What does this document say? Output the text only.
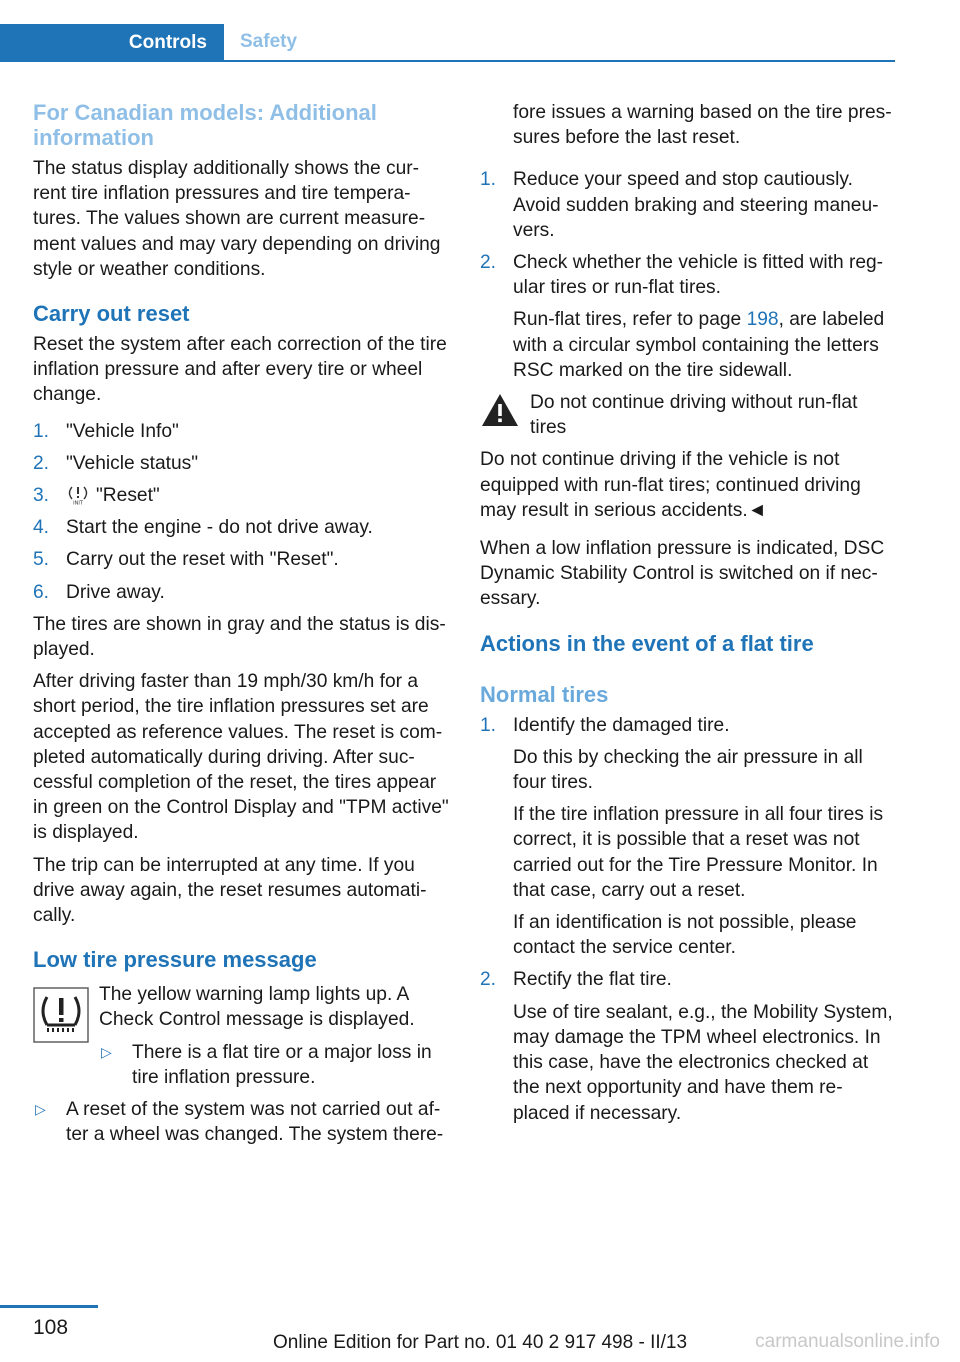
Controls	Safety
For Canadian models: Additional information

The status display additionally shows the cur-rent tire inflation pressures and tire tempera-tures. The values shown are current measure-ment values and may vary depending on driving style or weather conditions.

Carry out reset

Reset the system after each correction of the tire inflation pressure and after every tire or wheel change.

1. "Vehicle Info"
2. "Vehicle status"
3.	INIT "Reset"
4. Start the engine - do not drive away.
5. Carry out the reset with "Reset".
6. Drive away.

The tires are shown in gray and the status is dis-played.

After driving faster than 19 mph/30 km/h for a short period, the tire inflation pressures set are accepted as reference values. The reset is com-pleted automatically during driving. After suc-cessful completion of the reset, the tires appear in green on the Control Display and "TPM active" is displayed.

The trip can be interrupted at any time. If you drive away again, the reset resumes automati-cally.

Low tire pressure message

The yellow warning lamp lights up. A Check Control message is displayed.

▷ There is a flat tire or a major loss in tire inflation pressure.
▷ A reset of the system was not carried out af-ter a wheel was changed. The system there-

fore issues a warning based on the tire pres-sures before the last reset.

1. Reduce your speed and stop cautiously. Avoid sudden braking and steering maneu-vers.
2. Check whether the vehicle is fitted with reg-ular tires or run-flat tires.

Run-flat tires, refer to page 198, are labeled with a circular symbol containing the letters RSC marked on the tire sidewall.

Do not continue driving without run-flat tires

Do not continue driving if the vehicle is not equipped with run-flat tires; continued driving may result in serious accidents.◄

When a low inflation pressure is indicated, DSC Dynamic Stability Control is switched on if nec-essary.

Actions in the event of a flat tire
Normal tires
1. Identify the damaged tire.

Do this by checking the air pressure in all four tires.

If the tire inflation pressure in all four tires is correct, it is possible that a reset was not carried out for the Tire Pressure Monitor. In that case, carry out a reset.

If an identification is not possible, please contact the service center.

2. Rectify the flat tire.

Use of tire sealant, e.g., the Mobility System, may damage the TPM wheel electronics. In this case, have the electronics checked at the next opportunity and have them re-placed if necessary.

108
Online Edition for Part no. 01 40 2 917 498 - II/13	carmanualsonline.info
